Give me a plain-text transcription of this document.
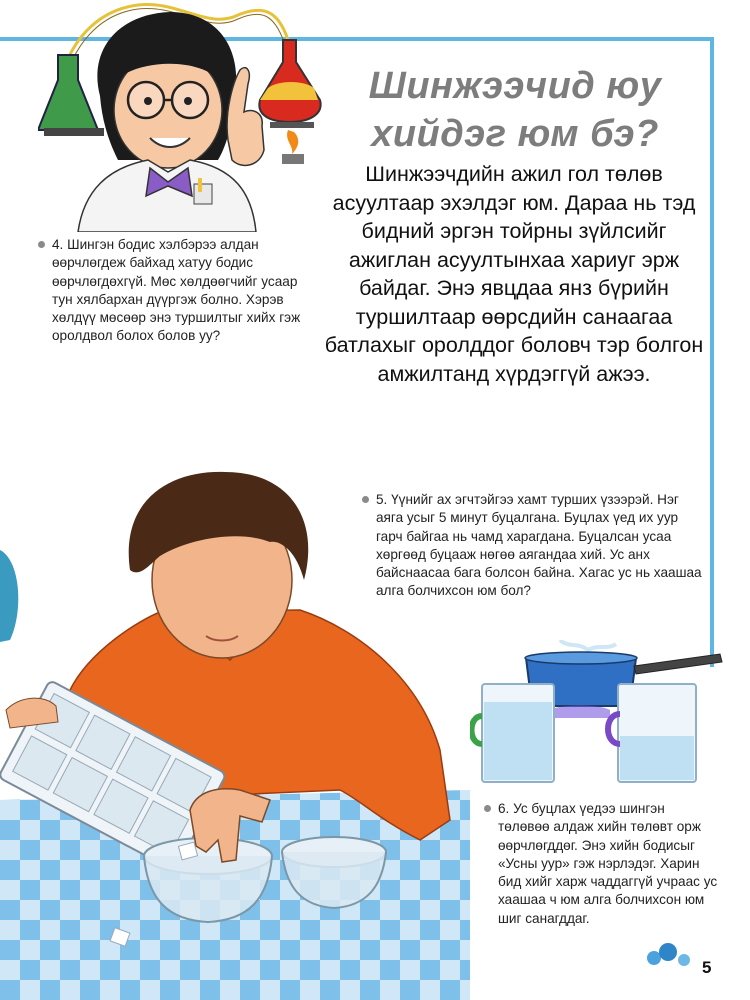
Шинжээчид юу
хийдэг юм бэ?
Шинжээчдийн ажил гол төлөв асуултаар эхэлдэг юм. Дараа нь тэд бидний эргэн тойрны зүйлсийг ажиглан асуултынхаа хариуг эрж байдаг. Энэ явцдаа янз бүрийн туршилтаар өөрсдийн санаагаа батлахыг оролддог боловч тэр болгон амжилтанд хүрдэггүй ажээ.
4. Шингэн бодис хэлбэрээ алдан өөрчлөгдеж байхад хатуу бодис өөрчлөгдөхгүй. Мөс хөлдөөгчийг усаар тун хялбархан дүүргэж болно. Хэрэв хөлдүү мөсөөр энэ туршилтыг хийх гэж оролдвол болох болов уу?
5. Үүнийг ах эгчтэйгээ хамт турших үзээрэй. Нэг аяга усыг 5 минут буцалгана. Буцлах үед их уур гарч байгаа нь чамд харагдана. Буцалсан усаа хөргөөд буцааж нөгөө аягандаа хий. Ус анх байснаасаа бага болсон байна. Хагас ус нь хаашаа алга болчихсон юм бол?
6. Ус буцлах үедээ шингэн төлөвөө алдаж хийн төлөвт орж өөрчлөгддөг. Энэ хийн бодисыг «Усны уур» гэж нэрлэдэг. Харин бид хийг харж чаддаггүй учраас ус хаашаа ч юм алга болчихсон юм шиг санагддаг.
5
